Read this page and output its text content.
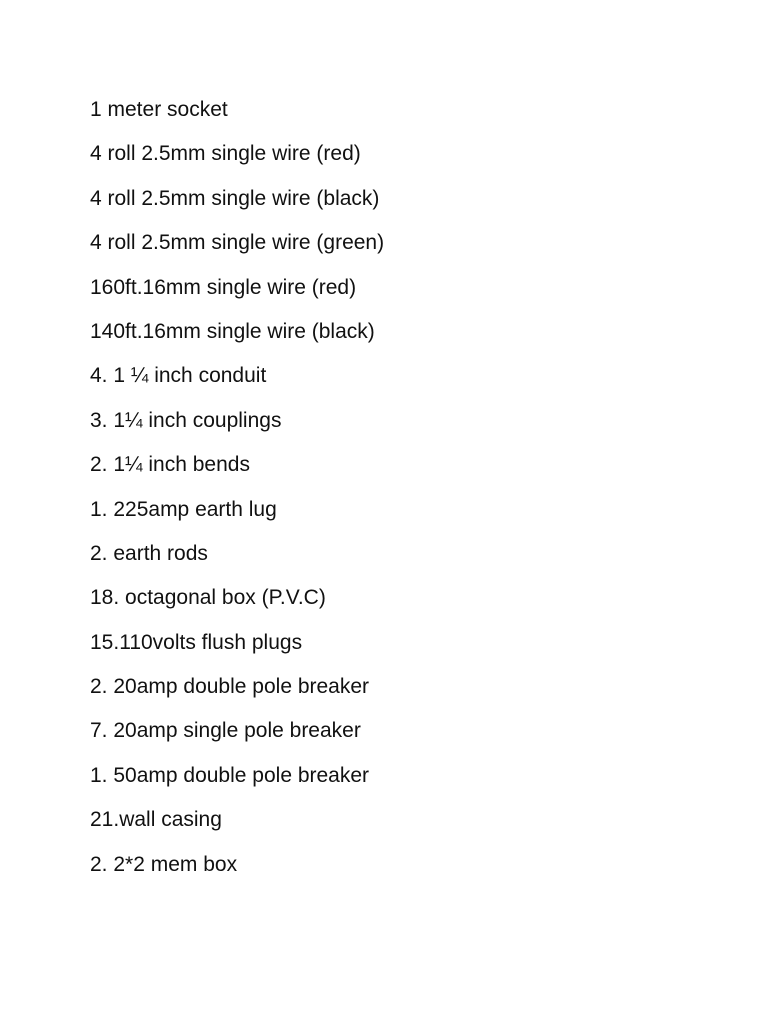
1 meter socket
4 roll 2.5mm single wire (red)
4 roll 2.5mm single wire (black)
4 roll 2.5mm single wire (green)
160ft.16mm single wire (red)
140ft.16mm single wire (black)
4. 1 ¼ inch conduit
3. 1¼ inch couplings
2. 1¼ inch bends
1. 225amp earth lug
2. earth rods
18. octagonal box (P.V.C)
15.110volts flush plugs
2. 20amp double pole breaker
7. 20amp single pole breaker
1. 50amp double pole breaker
21.wall casing
2. 2*2 mem box
